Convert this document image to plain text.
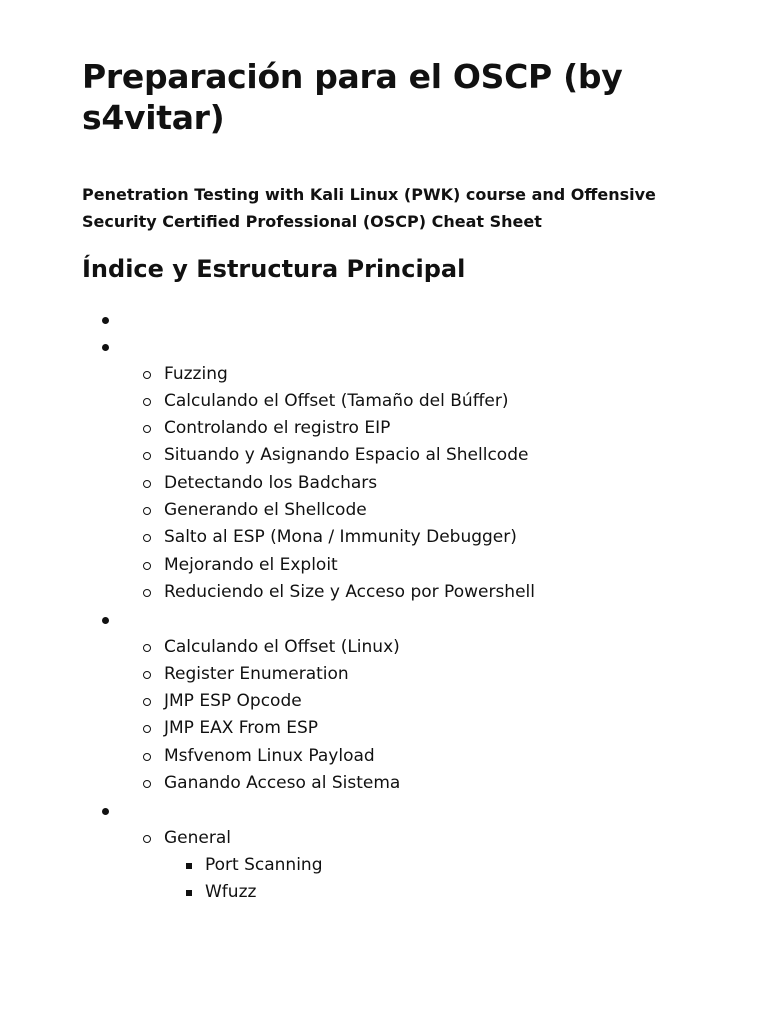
Preparación para el OSCP (by s4vitar)
Penetration Testing with Kali Linux (PWK) course and Offensive Security Certified Professional (OSCP) Cheat Sheet
Índice y Estructura Principal
Fuzzing
Calculando el Offset (Tamaño del Búffer)
Controlando el registro EIP
Situando y Asignando Espacio al Shellcode
Detectando los Badchars
Generando el Shellcode
Salto al ESP (Mona / Immunity Debugger)
Mejorando el Exploit
Reduciendo el Size y Acceso por Powershell
Calculando el Offset (Linux)
Register Enumeration
JMP ESP Opcode
JMP EAX From ESP
Msfvenom Linux Payload
Ganando Acceso al Sistema
General
Port Scanning
Wfuzz
